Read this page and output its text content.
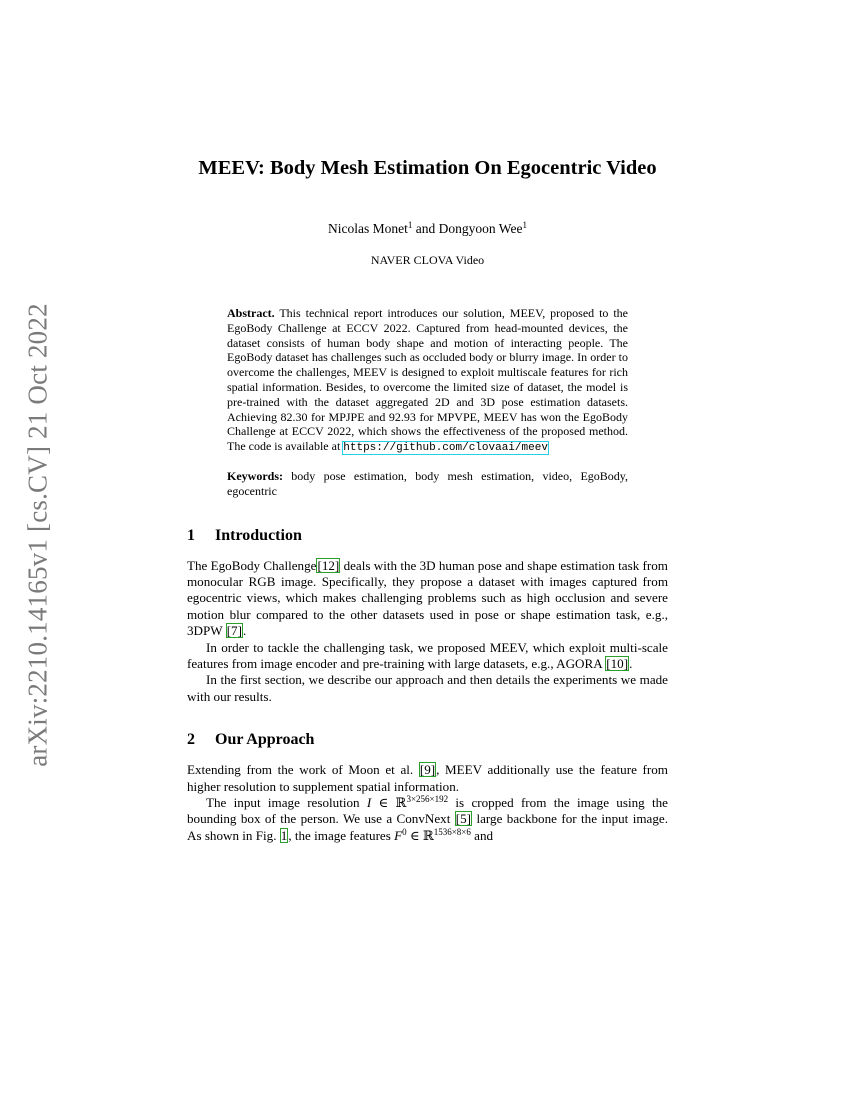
arXiv:2210.14165v1 [cs.CV] 21 Oct 2022
MEEV: Body Mesh Estimation On Egocentric Video
Nicolas Monet$^1$ and Dongyoon Wee$^1$
NAVER CLOVA Video

Abstract. This technical report introduces our solution, MEEV, proposed to the EgoBody Challenge at ECCV 2022. Captured from head-mounted devices, the dataset consists of human body shape and motion of interacting people. The EgoBody dataset has challenges such as occluded body or blurry image. In order to overcome the challenges, MEEV is designed to exploit multiscale features for rich spatial information. Besides, to overcome the limited size of dataset, the model is pre-trained with the dataset aggregated 2D and 3D pose estimation datasets. Achieving 82.30 for MPJPE and 92.93 for MPVPE, MEEV has won the EgoBody Challenge at ECCV 2022, which shows the effectiveness of the proposed method. The code is available at https://github.com/clovaai/meev

Keywords: body pose estimation, body mesh estimation, video, EgoBody, egocentric

1	Introduction

The EgoBody Challenge[12] deals with the 3D human pose and shape estimation task from monocular RGB image. Specifically, they propose a dataset with images captured from egocentric views, which makes challenging problems such as high occlusion and severe motion blur compared to the other datasets used in pose or shape estimation task, e.g., 3DPW [7].

In order to tackle the challenging task, we proposed MEEV, which exploit multi-scale features from image encoder and pre-training with large datasets, e.g., AGORA [10].

In the first section, we describe our approach and then details the experiments we made with our results.

2	Our Approach

Extending from the work of Moon et al. [9], MEEV additionally use the feature from higher resolution to supplement spatial information.

The input image resolution I ∈ ℝ$^{3\times 256\times 192}$ is cropped from the image using the bounding box of the person. We use a ConvNext [5] large backbone for the input image. As shown in Fig. 1, the image features $F^0$ ∈ ℝ$^{1536\times 8\times 6}$ and
